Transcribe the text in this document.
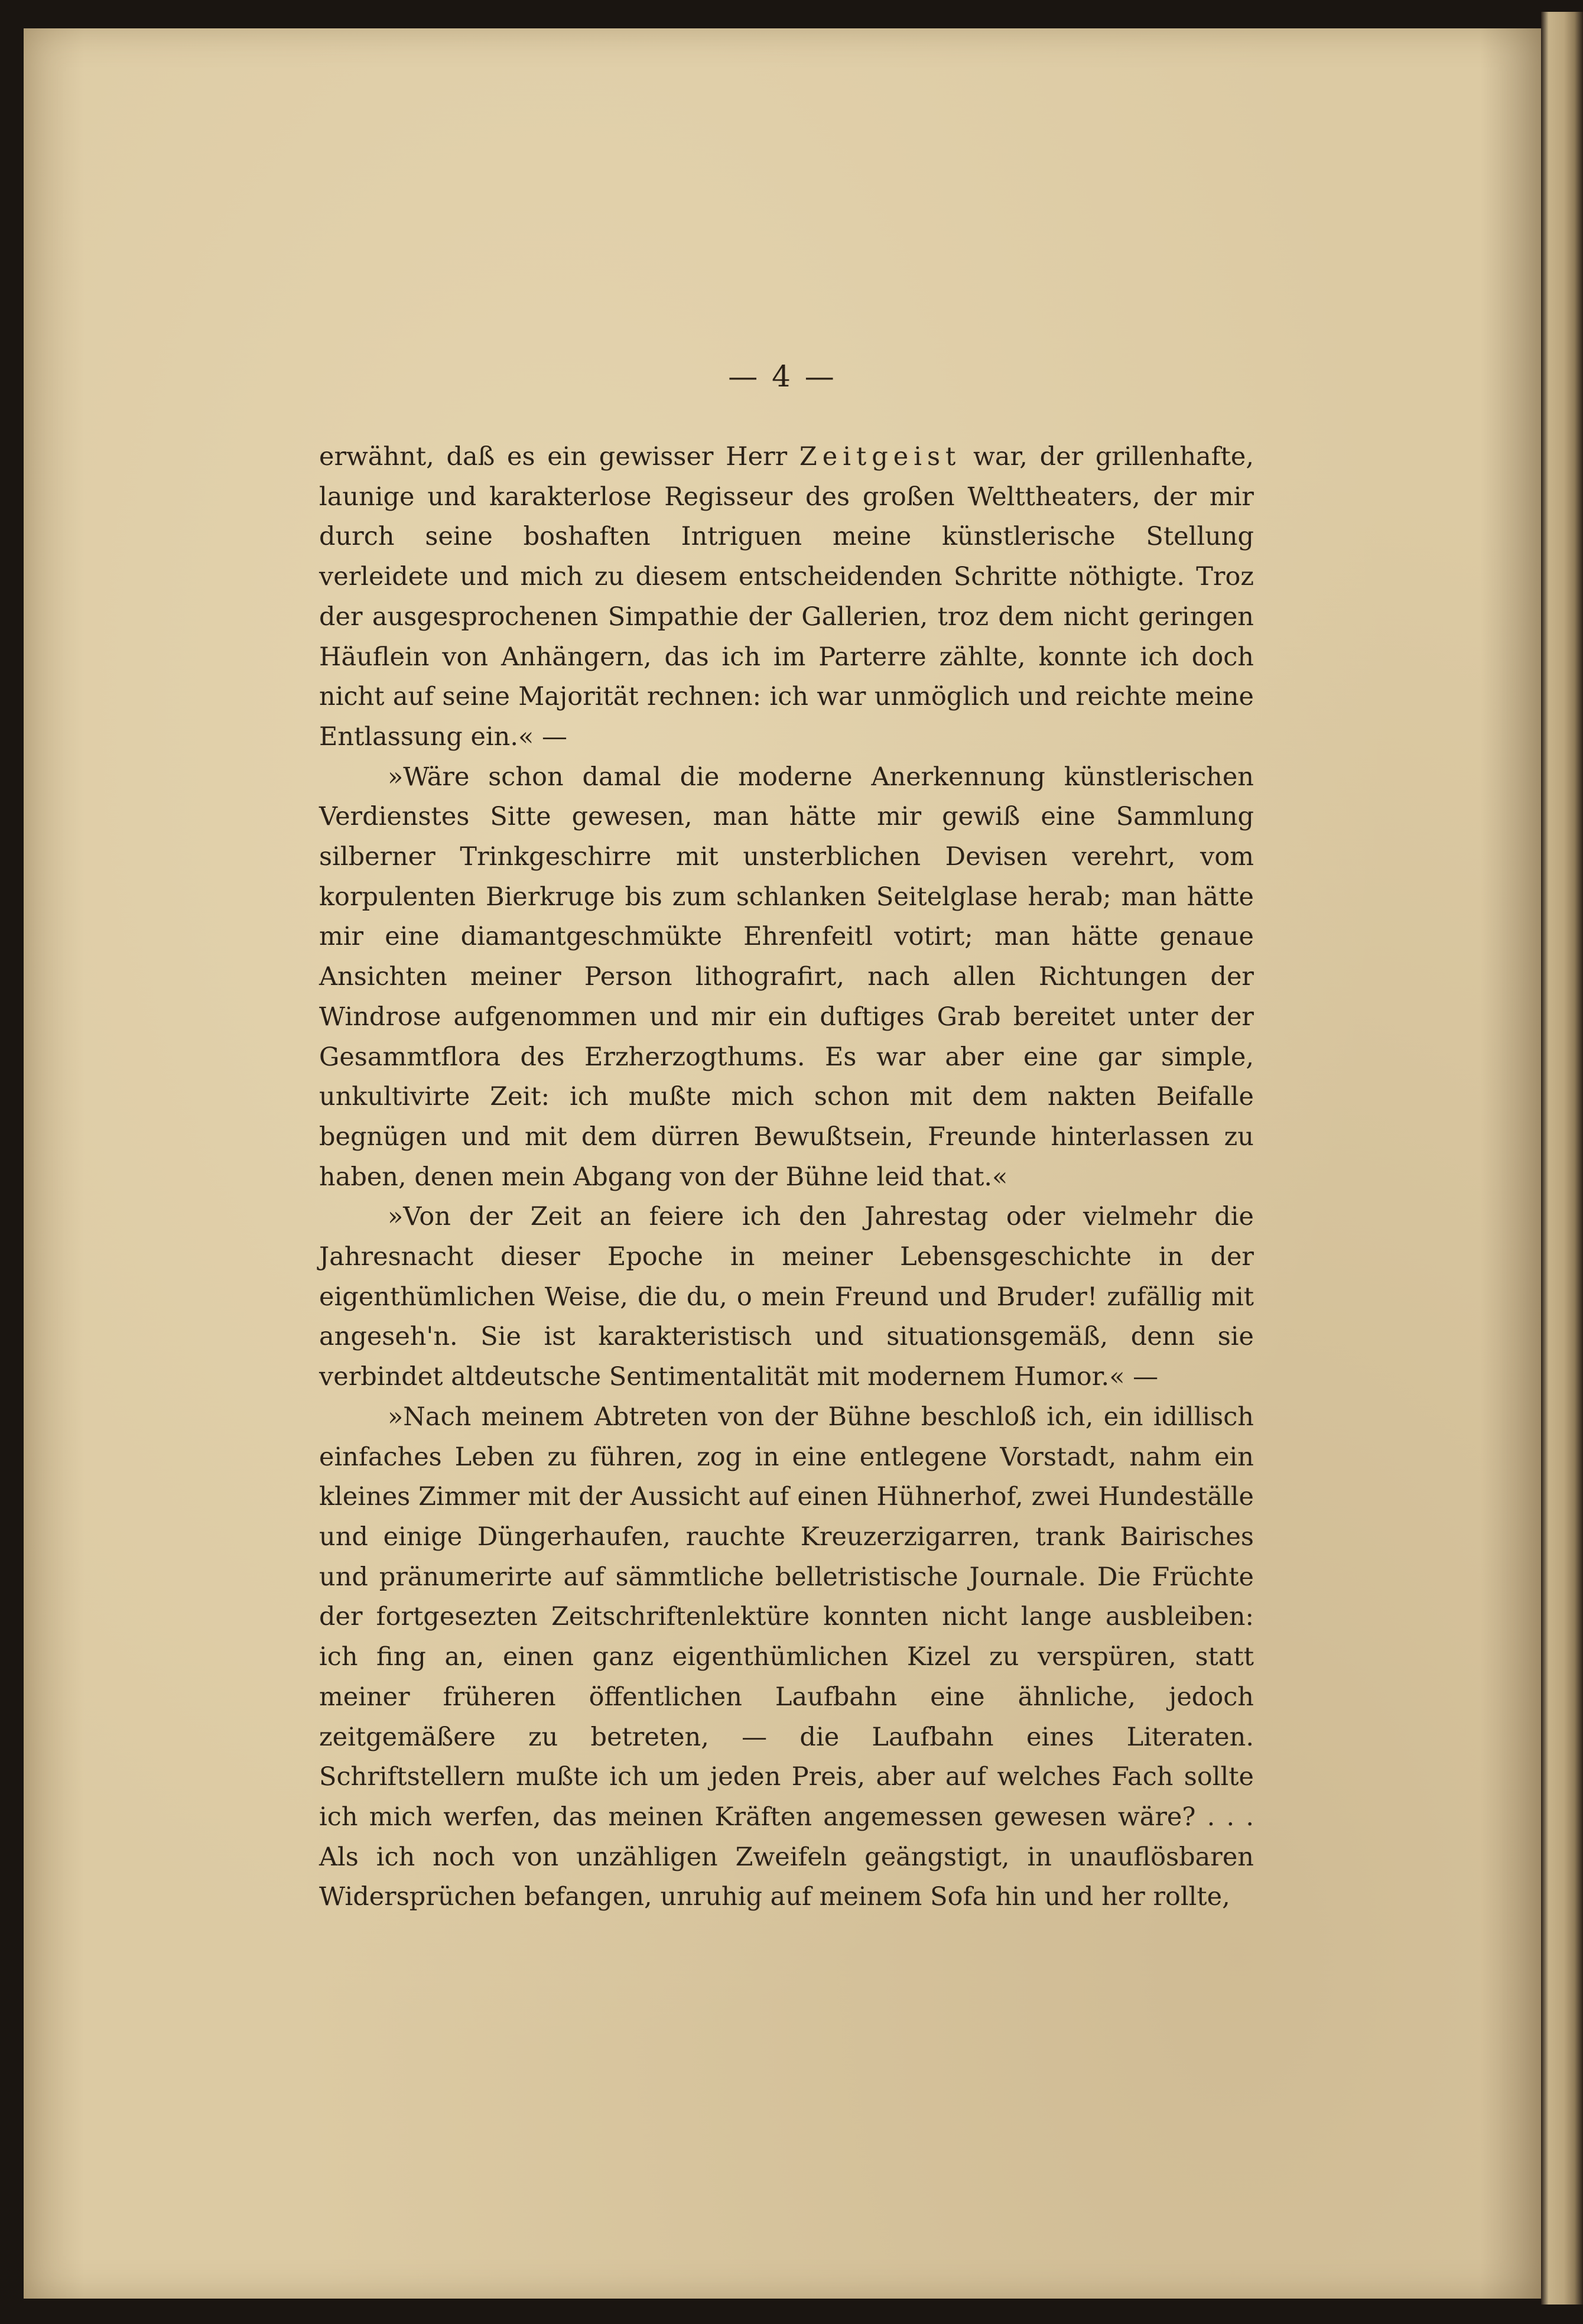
— 4 —

erwähnt, daß es ein gewisser Herr Zeitgeist war, der grillenhafte, launige und karakterlose Regisseur des großen Welttheaters, der mir durch seine boshaften Intriguen meine künstlerische Stellung verleidete und mich zu diesem entscheidenden Schritte nöthigte. Troz der ausgesprochenen Simpathie der Gallerien, troz dem nicht geringen Häuflein von Anhängern, das ich im Parterre zählte, konnte ich doch nicht auf seine Majorität rechnen: ich war unmöglich und reichte meine Entlassung ein.« —

»Wäre schon damal die moderne Anerkennung künstlerischen Verdienstes Sitte gewesen, man hätte mir gewiß eine Sammlung silberner Trinkgeschirre mit unsterblichen Devisen verehrt, vom korpulenten Bierkruge bis zum schlanken Seitelglase herab; man hätte mir eine diamantgeschmükte Ehrenfeitl votirt; man hätte genaue Ansichten meiner Person lithografirt, nach allen Richtungen der Windrose aufgenommen und mir ein duftiges Grab bereitet unter der Gesammtflora des Erzherzogthums. Es war aber eine gar simple, unkultivirte Zeit: ich mußte mich schon mit dem nakten Beifalle begnügen und mit dem dürren Bewußtsein, Freunde hinterlassen zu haben, denen mein Abgang von der Bühne leid that.«

»Von der Zeit an feiere ich den Jahrestag oder vielmehr die Jahresnacht dieser Epoche in meiner Lebensgeschichte in der eigenthümlichen Weise, die du, o mein Freund und Bruder! zufällig mit angeseh'n. Sie ist karakteristisch und situationsgemäß, denn sie verbindet altdeutsche Sentimentalität mit modernem Humor.« —

»Nach meinem Abtreten von der Bühne beschloß ich, ein idillisch einfaches Leben zu führen, zog in eine entlegene Vorstadt, nahm ein kleines Zimmer mit der Aussicht auf einen Hühnerhof, zwei Hundeställe und einige Düngerhaufen, rauchte Kreuzerzigarren, trank Bairisches und pränumerirte auf sämmtliche belletristische Journale. Die Früchte der fortgesezten Zeitschriftenlektüre konnten nicht lange ausbleiben: ich fing an, einen ganz eigenthümlichen Kizel zu verspüren, statt meiner früheren öffentlichen Laufbahn eine ähnliche, jedoch zeitgemäßere zu betreten, — die Laufbahn eines Literaten. Schriftstellern mußte ich um jeden Preis, aber auf welches Fach sollte ich mich werfen, das meinen Kräften angemessen gewesen wäre? . . . Als ich noch von unzähligen Zweifeln geängstigt, in unauflösbaren Widersprüchen befangen, unruhig auf meinem Sofa hin und her rollte,
